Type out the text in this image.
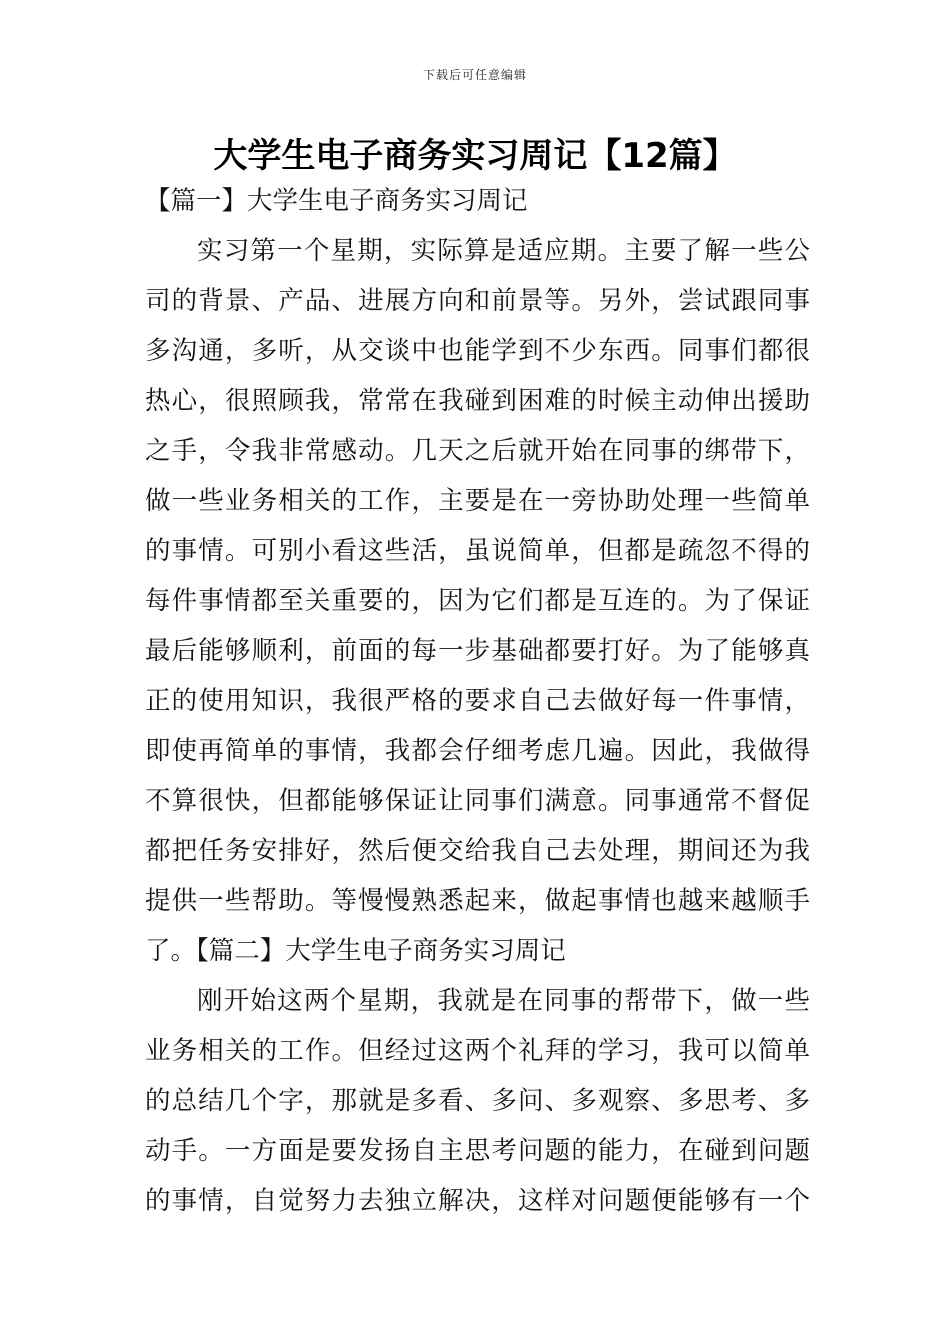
下载后可任意编辑
大学生电子商务实习周记【12篇】
【篇一】大学生电子商务实习周记
实习第一个星期，实际算是适应期。主要了解一些公
司的背景、产品、进展方向和前景等。另外，尝试跟同事
多沟通，多听，从交谈中也能学到不少东西。同事们都很
热心，很照顾我，常常在我碰到困难的时候主动伸出援助
之手，令我非常感动。几天之后就开始在同事的绑带下，
做一些业务相关的工作，主要是在一旁协助处理一些简单
的事情。可别小看这些活，虽说简单，但都是疏忽不得的
每件事情都至关重要的，因为它们都是互连的。为了保证
最后能够顺利，前面的每一步基础都要打好。为了能够真
正的使用知识，我很严格的要求自己去做好每一件事情，
即使再简单的事情，我都会仔细考虑几遍。因此，我做得
不算很快，但都能够保证让同事们满意。同事通常不督促
都把任务安排好，然后便交给我自己去处理，期间还为我
提供一些帮助。等慢慢熟悉起来，做起事情也越来越顺手
了。【篇二】大学生电子商务实习周记
刚开始这两个星期，我就是在同事的帮带下，做一些
业务相关的工作。但经过这两个礼拜的学习，我可以简单
的总结几个字，那就是多看、多问、多观察、多思考、多
动手。一方面是要发扬自主思考问题的能力，在碰到问题
的事情，自觉努力去独立解决，这样对问题便能够有一个
